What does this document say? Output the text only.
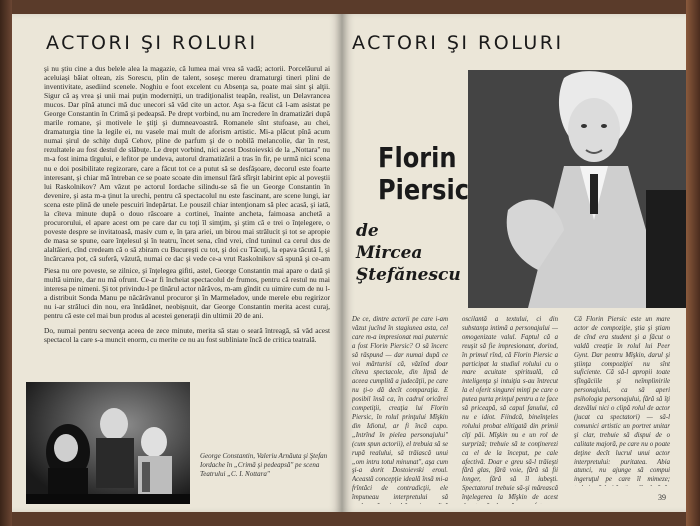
ACTORI ŞI ROLURI

şi nu ştiu cine a dus belele alea la magazie, că lumea mai vrea să vadă; actorii. Porcelăurul ai aceluiaşi băiat oltean, zis Sorescu, plin de talent, soseşc mereu dramaturgi tineri plini de inventivitate, asediind scenele. Noghiu e foot excelent cu Absenţa sa, poate mai sint şi alţii. Sigur că aş vrea şi unii mai puţin moderniţti, un tradiţionalist teapăn, realist, un Delavrancea mucos. Dar pînă atunci mă duc unecori să văd cite un actor. Aşa s-a făcut că l-am asistat pe George Constantin în Crimă şi pedeapsă. Pe drept vorbind, nu am încredere în dramatizări după marile romane, şi motivele le ştiţi şi dumneavoastră. Romanele sînt stufoase, au chei, dramaturgia tine la legile ei, nu vasele mai mult de aforism artistic. Mi-a plăcut pînă acum numai şirul de schiţe după Cehov, pline de parfum şi de o nobilă melancolie, dar în rest, rezultatele au fost destul de slăbuţe. Le drept vorbind, nici acest Dostoievski de la „Nottara" nu m-a fost inima tîrgului, e lefitor pe undeva, autorul dramatizării a tras în fir, pe urmă nici scena nu e doi posibilitate regizorare, care a făcut tot ce a putut să se desfăşoare, decorul este foarte interesant, şi chiar mă întreban ce se poate scoate din imensul fără sfîrşit labirint epic al poveştii lui Raskolnikov? Am văzut pe actorul Iordache silindu-se să fie un George Constantin în devenire, şi asta m-a ţinut la urechi, pentru că spectacolul nu este fascinant, are scene lungi, iar scena este plină de unele pescuiri îndepărtat. Le pouszil chiar intenţionam să plec acasă, şi iată, la cîteva minute după o douo răscoare a cortinei, înainte ancheta, faimoasa anchetă a procurorului, el apare acest om pe care dar cu toţi îl simţim, şi ştim că e trei o înţelegere, o poveste despre se invitatoasă, masiv cum e, în ţara ariei, un birou mai strălucit şi tot se apropie de masa se spune, oare înţelesul şi în teatru, încet sena, cînd vrei, cînd tuninul ca cerul dus de alaltăieri, cînd credeam că o să zbiram cu Bucureşti cu tot, şi doi cu Tăcuţi, la epava tăcută I, şi încărcarea pot, că suferă, văzută, numai ce dac şi vede ce-a vrut Raskolnikov să spună şi ce-am

Piesa nu ore poveste, se zilnice, şi înţelegea gifiti, astel, George Constantin mai apare o dată şi multă uimire, dar nu mă ofrunt. Ce-ar fi încheiat spectacolul de frumos, pentru că restul nu mai interesa pe nimeni. Şi tot privindu-l pe tînărul actor nărăvos, m-am gîndit cu uimire cum de nu l-a distribuit Sonda Manu pe năcărăvanul procuror şi în Marmeladov, unde merele ebu regirizor nu i-ar străluci din nou, era înrădănet, neobişnuit, dar George Constantin merita acest curaj, pentru că este cel mai bun produs al acestei generaţii din ultimii 20 de ani.

Do, numai pentru secvenţa aceea de zece minute, merita să stau o seară întreagă, să văd acest spectacol la care s-a muncit enorm, cu merite ce nu au fost subliniate încă de critica teatrală.

George Constantin, Valeriu Arnăuta şi Ştefan Iordache în „Crimă şi pedeapsă" pe scena Teatrului „C. I. Nottara"
ACTORI ŞI ROLURI
Florin
Piersic
de
Mircea
Ştefănescu

De ce, dintre actorii pe care i-am văzut jucînd în stagiunea asta, cel care m-a impresionat mai puternic a fost Florin Piersic? O să încerc să răspund — dar numai după ce voi mărturisi că, văzînd doar cîteva spectacole, din lipsă de aceea cumplită a judecăţii, pe care nu ţi-o dă decît comparaţia. E posibil însă ca, în cadrul oricărei competiţii, creaţia lui Florin Piersic, în rolul prinţului Mîşkin din Idiotul, ar fi încă capo. „Intrînd în pielea personajului" (cum spun actorii), el trebuia să se rupă realului, să trăiască unui „om intru totul minunat", aşa cum şi-a dorit Dostoievski eroul. Această concepţie ideală însă mi-a frîntăci de contradicţii, ele împuneau interpretului să

oscilantă a textului, ci din substanţa intimă a personajului — omogenizate valul. Faptul că a reuşit să fie impresionant, dorind, în primul rînd, că Florin Piersic a participat la studiul rolului cu o mare acuitate spirituală, că inteligenţa şi intuiţia s-au întrecut la el oferit singurei minţi pe care o putea purta prinţul pentru a te face să priceapă, să capul fanului, că nu e idiot. Fiindcă, bineînţeles rolului probat elitigată din primii cîţi păi. Mîşkin nu e un rol de surpriză; trebuie să te conţinerezi ca el de la început, pe cale afectivă. Doar e greu să-l trăieşti fără glas, fără voie, fără să fii longer, fără să îl iubeşti. Spectatorul trebuie să-şi mărească înţelegerea la Mîşkin de acest

Că Florin Piersic este un mare actor de compoziţie, ştia şi ştiam de cînd era student şi a făcut o valdă creaţie în rolul lui Peer Gynt. Dar pentru Mîşkin, darul şi ştiinţa compoziţiei nu sînt suficiente. Că să-l apropii toate sfîngăciile şi neîmplinirile personajului, ca să aperi psihologia personajului, fără să îţi dezvălui nici o clipă rolul de actor (jucat ca spectatori) — să-l comunici artistic un portret unitar şi clar, trebuie să dispui de o calitate majoră, pe care nu o poate deţine decît lucrul unui actor interpretului: puritatea. Abia atunci, nu ajunge să compui ingeruţul pe care îl mimeze;

39
